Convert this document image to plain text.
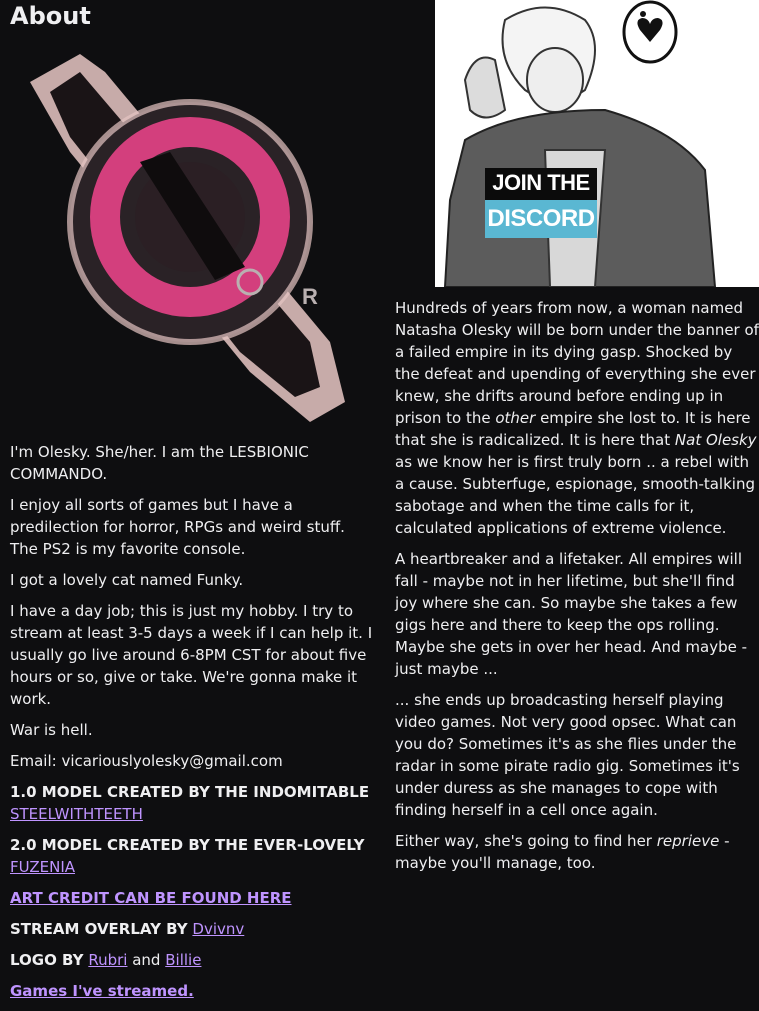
About
R
JOIN THE
DISCORD

I'm Olesky. She/her. I am the LESBIONIC COMMANDO.

I enjoy all sorts of games but I have a predilection for horror, RPGs and weird stuff. The PS2 is my favorite console.

I got a lovely cat named Funky.

I have a day job; this is just my hobby. I try to stream at least 3-5 days a week if I can help it. I usually go live around 6-8PM CST for about five hours or so, give or take. We're gonna make it work.

War is hell.

Email: vicariouslyolesky@gmail.com

1.0 MODEL CREATED BY THE INDOMITABLE
STEELWITHTEETH

2.0 MODEL CREATED BY THE EVER-LOVELY
FUZENIA

ART CREDIT CAN BE FOUND HERE

STREAM OVERLAY BY Dvivnv

LOGO BY Rubri and Billie

Games I've streamed.

Hundreds of years from now, a woman named Natasha Olesky will be born under the banner of a failed empire in its dying gasp. Shocked by the defeat and upending of everything she ever knew, she drifts around before ending up in prison to the other empire she lost to. It is here that she is radicalized. It is here that Nat Olesky as we know her is first truly born .. a rebel with a cause. Subterfuge, espionage, smooth-talking sabotage and when the time calls for it, calculated applications of extreme violence.

A heartbreaker and a lifetaker. All empires will fall - maybe not in her lifetime, but she'll find joy where she can. So maybe she takes a few gigs here and there to keep the ops rolling. Maybe she gets in over her head. And maybe - just maybe ...

... she ends up broadcasting herself playing video games. Not very good opsec. What can you do? Sometimes it's as she flies under the radar in some pirate radio gig. Sometimes it's under duress as she manages to cope with finding herself in a cell once again.

Either way, she's going to find her reprieve - maybe you'll manage, too.
